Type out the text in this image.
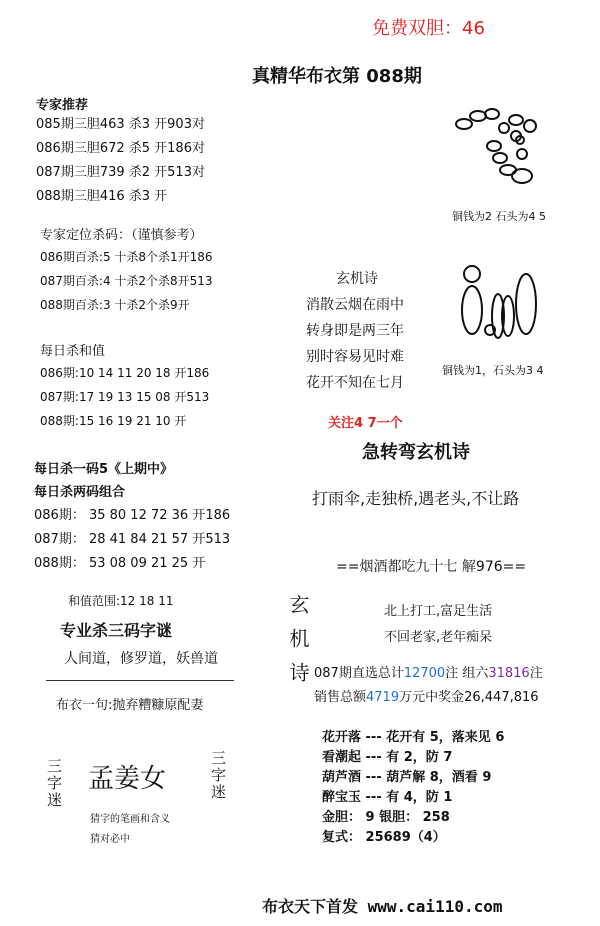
免费双胆：46
真精华布衣第 088期
专家推荐
085期三胆463 杀3 开903对
086期三胆672 杀5 开186对
087期三胆739 杀2 开513对
088期三胆416 杀3 开
专家定位杀码：（谨慎参考）
086期百杀:5 十杀8个杀1开186
087期百杀:4 十杀2个杀8开513
088期百杀:3 十杀2个杀9开
每日杀和值
086期:10 14 11 20 18 开186
087期:17 19 13 15 08 开513
088期:15 16 19 21 10 开
每日杀一码5《上期中》
每日杀两码组合
086期： 35 80 12 72 36 开186
087期： 28 41 84 21 57 开513
088期： 53 08 09 21 25 开
和值范围:12 18 11
专业杀三码字谜
人间道，修罗道，妖兽道
布衣一句:抛弃糟糠原配妻
三字迷 孟姜女	三字迷
猜字的笔画和含义
猜对必中
铜钱为2 石头为4 5
铜钱为1，石头为3 4
玄机诗
消散云烟在雨中
转身即是两三年
别时容易见时难
花开不知在七月
关注4 7一个
急转弯玄机诗
打雨伞,走独桥,遇老头,不让路
==烟酒都吃九十七 解976==
玄机诗	北上打工,富足生活
不回老家,老年痴呆
087期直选总计12700注 组六31816注
销售总额4719万元中奖金26,447,816
花开落 --- 花开有 5，落来见 6
看潮起 --- 有 2，防 7
葫芦酒 --- 葫芦解 8，酒看 9
醉宝玉 --- 有 4，防 1
金胆： 9 银胆： 258
复式： 25689（4）
布衣天下首发 www.cai110.com
